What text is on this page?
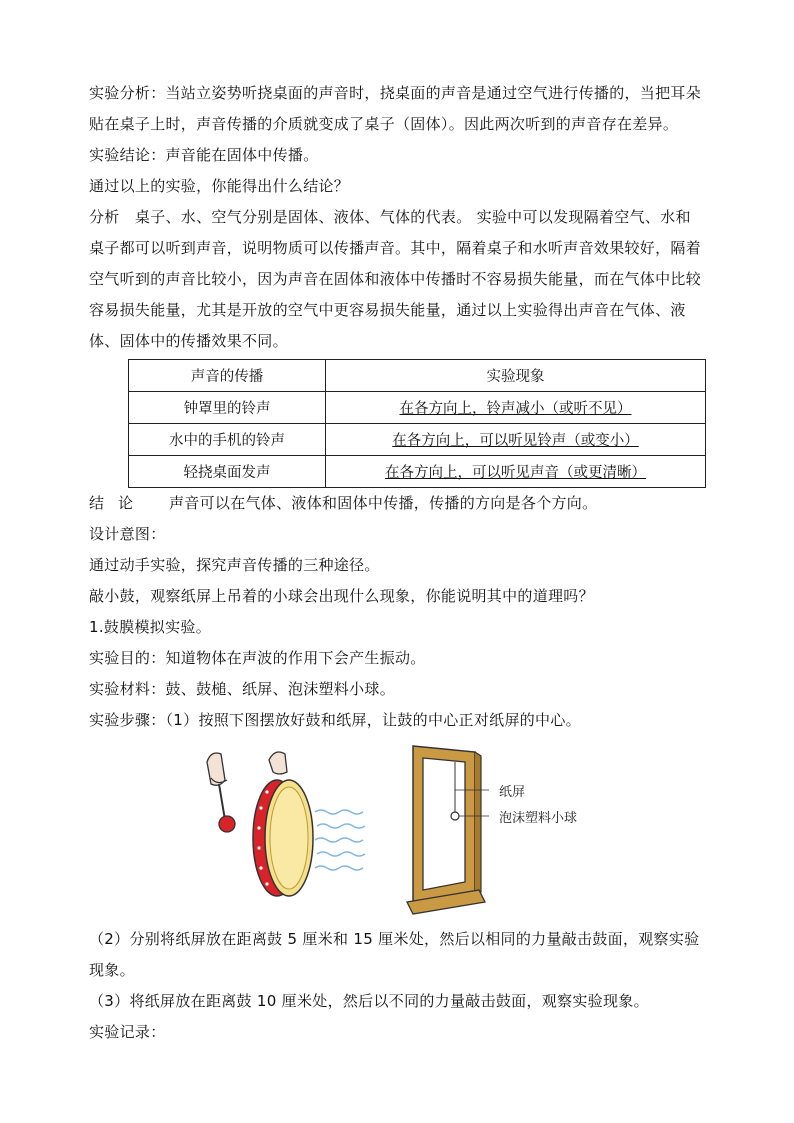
实验分析：当站立姿势听挠桌面的声音时，挠桌面的声音是通过空气进行传播的，当把耳朵贴在桌子上时，声音传播的介质就变成了桌子（固体）。因此两次听到的声音存在差异。

实验结论：声音能在固体中传播。

通过以上的实验，你能得出什么结论？

分析　桌子、水、空气分别是固体、液体、气体的代表。 实验中可以发现隔着空气、水和桌子都可以听到声音，说明物质可以传播声音。其中，隔着桌子和水听声音效果较好，隔着空气听到的声音比较小，因为声音在固体和液体中传播时不容易损失能量，而在气体中比较容易损失能量，尤其是开放的空气中更容易损失能量，通过以上实验得出声音在气体、液体、固体中的传播效果不同。

声音的传播	实验现象
钟罩里的铃声	在各方向上，铃声减小（或听不见）
水中的手机的铃声	在各方向上，可以听见铃声（或变小）
轻挠桌面发声	在各方向上，可以听见声音（或更清晰）

结论 声音可以在气体、液体和固体中传播，传播的方向是各个方向。

设计意图：

通过动手实验，探究声音传播的三种途径。

敲小鼓，观察纸屏上吊着的小球会出现什么现象，你能说明其中的道理吗？

1.鼓膜模拟实验。

实验目的：知道物体在声波的作用下会产生振动。

实验材料：鼓、鼓槌、纸屏、泡沫塑料小球。

实验步骤：（1）按照下图摆放好鼓和纸屏，让鼓的中心正对纸屏的中心。

纸屏
泡沫塑料小球

（2）分别将纸屏放在距离鼓 5 厘米和 15 厘米处，然后以相同的力量敲击鼓面，观察实验现象。

（3）将纸屏放在距离鼓 10 厘米处，然后以不同的力量敲击鼓面，观察实验现象。

实验记录：
